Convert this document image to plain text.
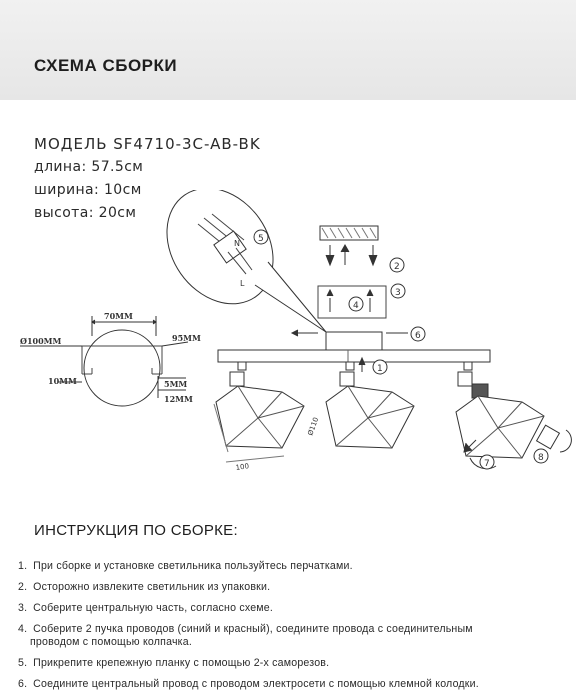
СХЕМА СБОРКИ
МОДЕЛЬ SF4710-3C-AB-BK
длина: 57.5см
ширина: 10см
высота: 20см
N
L
5
2
4
3
6
1
100
Ø110
7
8
70MM
Ø100MM	95MM
10MM	5MM
12MM
ИНСТРУКЦИЯ ПО СБОРКЕ:
1. При сборке и установке светильника пользуйтесь перчатками.
2. Осторожно извлеките светильник из упаковки.
3. Соберите центральную часть, согласно схеме.
4. Соберите 2 пучка проводов (синий и красный), соедините провода с соединительным
проводом с помощью колпачка.
5. Прикрепите крепежную планку с помощью 2-х саморезов.
6. Соедините центральный провод с проводом электросети с помощью клемной колодки.
